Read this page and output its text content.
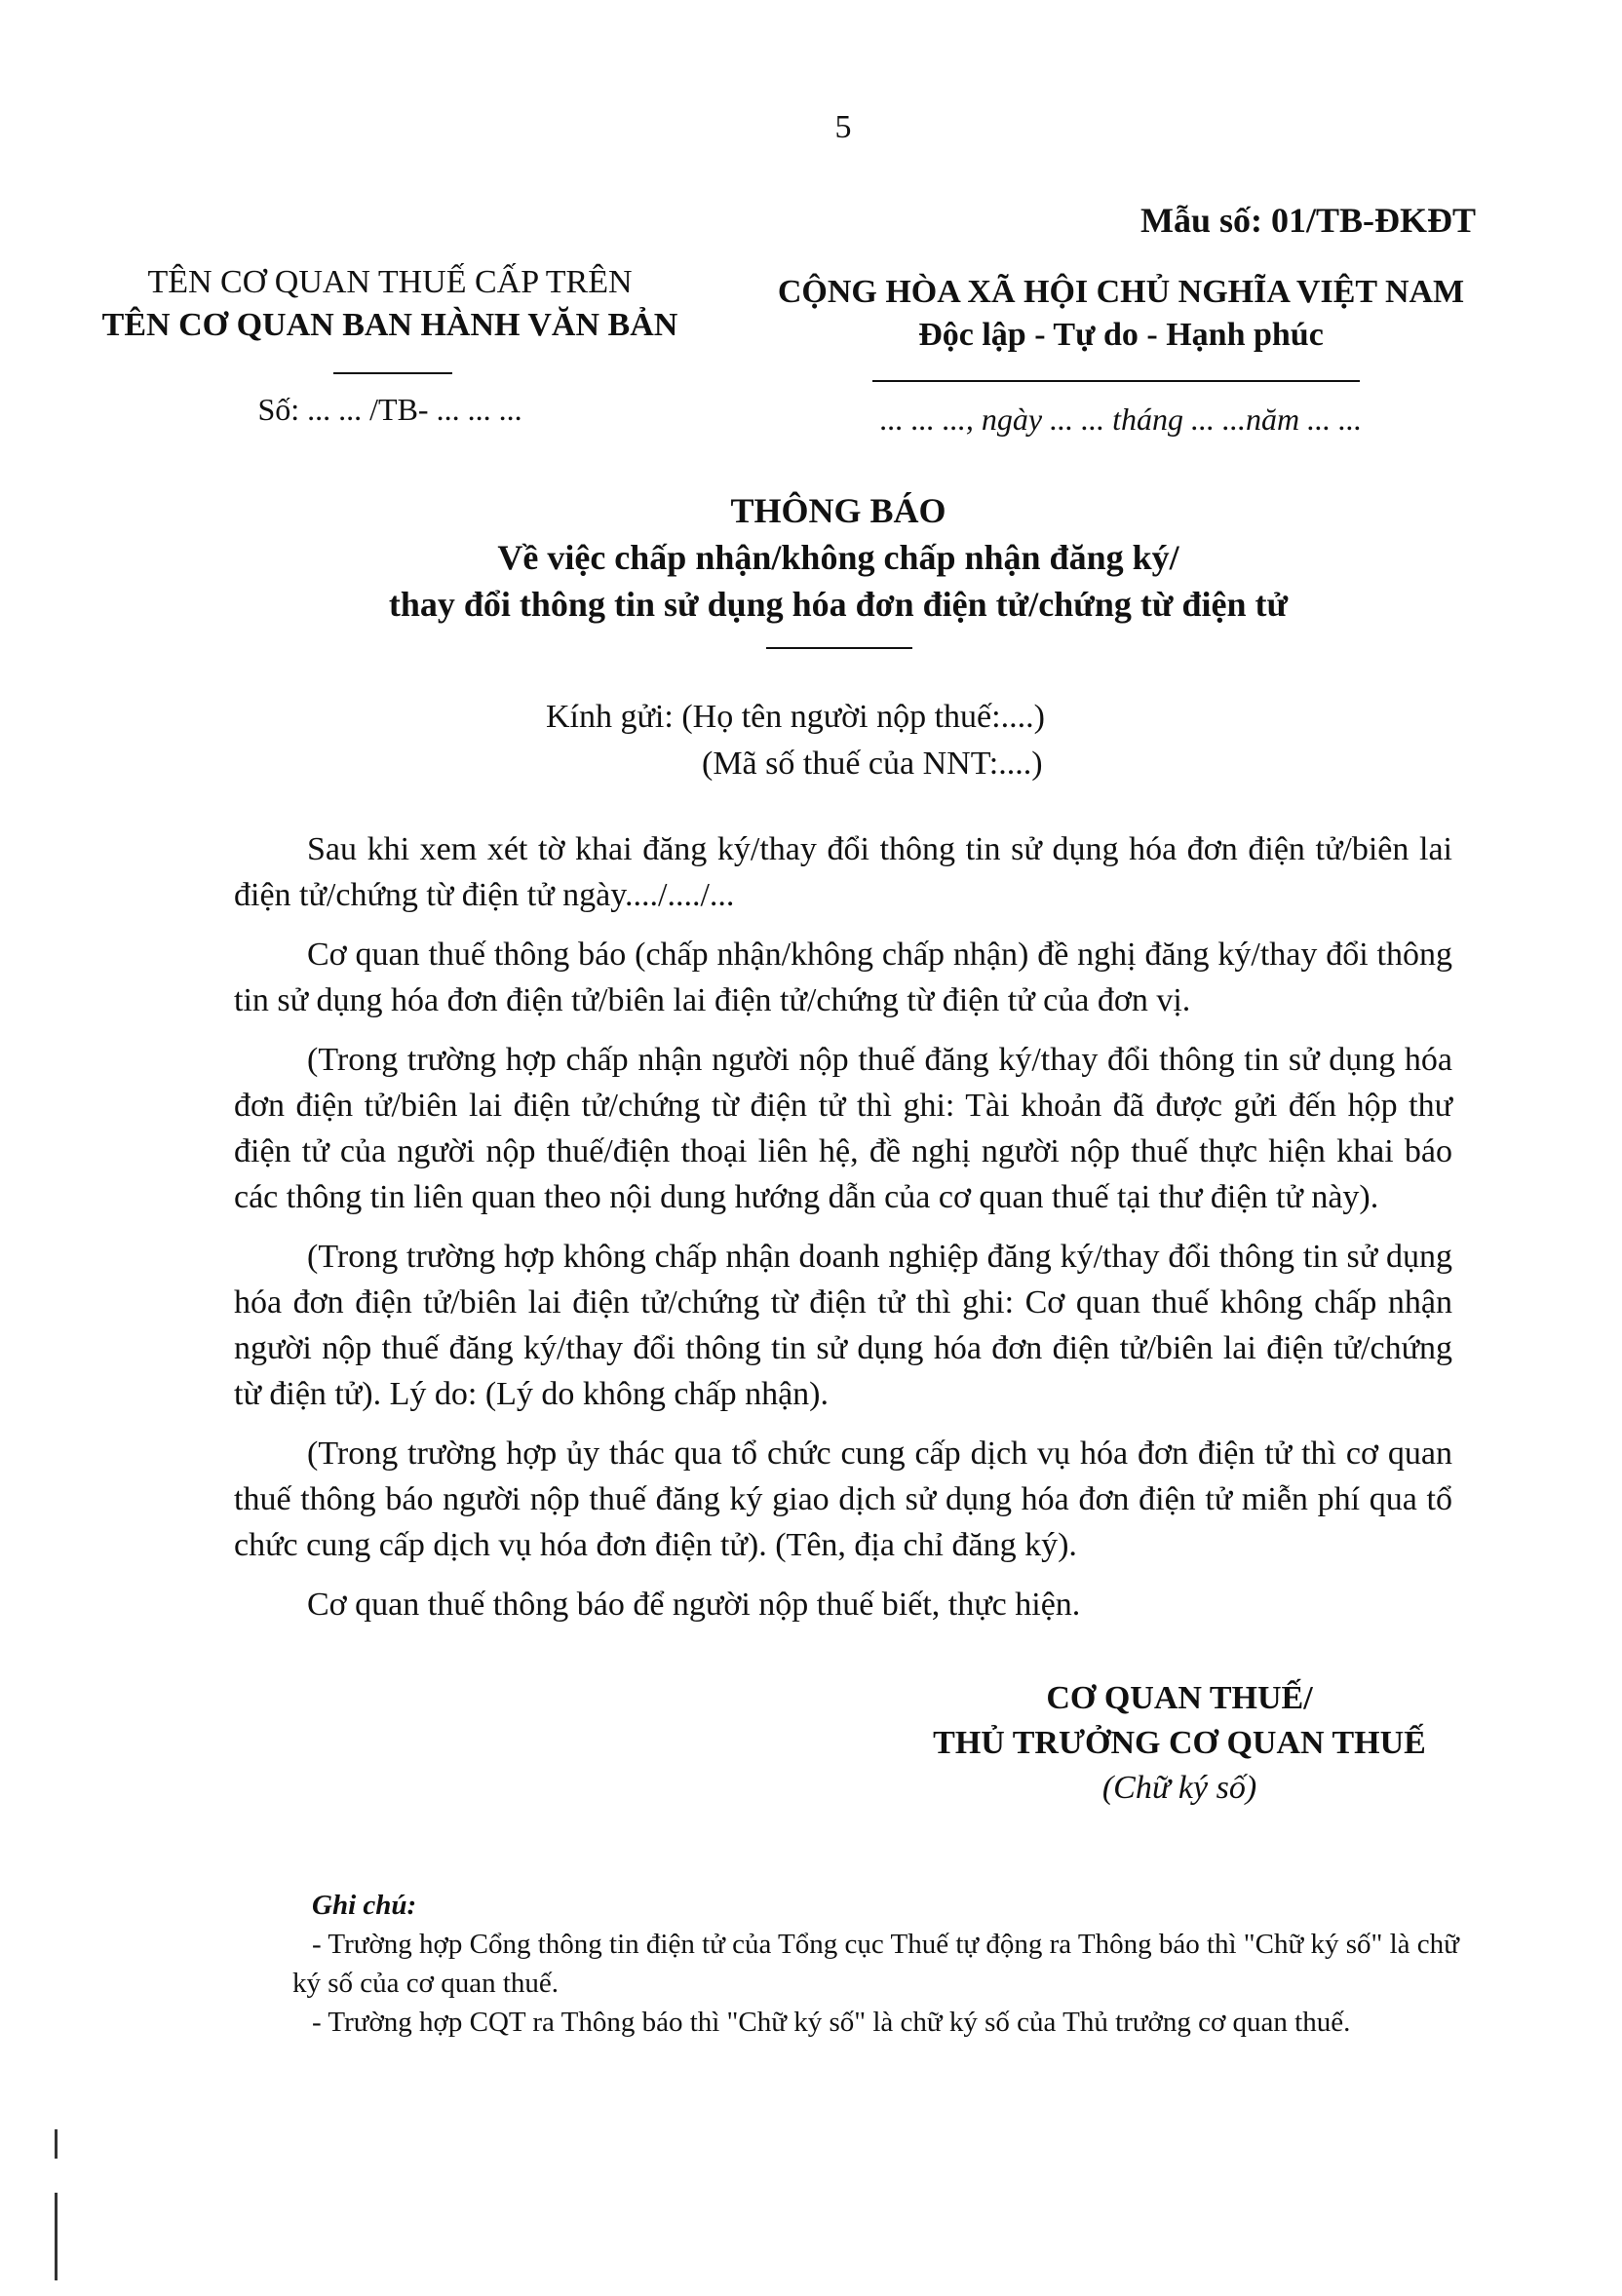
5
Mẫu số: 01/TB-ĐKĐT
TÊN CƠ QUAN THUẾ CẤP TRÊN
TÊN CƠ QUAN BAN HÀNH VĂN BẢN
Số: ... ... /TB- ... ... ...
CỘNG HÒA XÃ HỘI CHỦ NGHĨA VIỆT NAM
Độc lập - Tự do - Hạnh phúc
... ... ..., ngày ... ... tháng ... ...năm ... ...
THÔNG BÁO
Về việc chấp nhận/không chấp nhận đăng ký/
thay đổi thông tin sử dụng hóa đơn điện tử/chứng từ điện tử
Kính gửi: (Họ tên người nộp thuế:....)
(Mã số thuế của NNT:....)

Sau khi xem xét tờ khai đăng ký/thay đổi thông tin sử dụng hóa đơn điện tử/biên lai điện tử/chứng từ điện tử ngày..../..../...

Cơ quan thuế thông báo (chấp nhận/không chấp nhận) đề nghị đăng ký/thay đổi thông tin sử dụng hóa đơn điện tử/biên lai điện tử/chứng từ điện tử của đơn vị.

(Trong trường hợp chấp nhận người nộp thuế đăng ký/thay đổi thông tin sử dụng hóa đơn điện tử/biên lai điện tử/chứng từ điện tử thì ghi: Tài khoản đã được gửi đến hộp thư điện tử của người nộp thuế/điện thoại liên hệ, đề nghị người nộp thuế thực hiện khai báo các thông tin liên quan theo nội dung hướng dẫn của cơ quan thuế tại thư điện tử này).

(Trong trường hợp không chấp nhận doanh nghiệp đăng ký/thay đổi thông tin sử dụng hóa đơn điện tử/biên lai điện tử/chứng từ điện tử thì ghi: Cơ quan thuế không chấp nhận người nộp thuế đăng ký/thay đổi thông tin sử dụng hóa đơn điện tử/biên lai điện tử/chứng từ điện tử). Lý do: (Lý do không chấp nhận).

(Trong trường hợp ủy thác qua tổ chức cung cấp dịch vụ hóa đơn điện tử thì cơ quan thuế thông báo người nộp thuế đăng ký giao dịch sử dụng hóa đơn điện tử miễn phí qua tổ chức cung cấp dịch vụ hóa đơn điện tử). (Tên, địa chỉ đăng ký).

Cơ quan thuế thông báo để người nộp thuế biết, thực hiện.

CƠ QUAN THUẾ/
THỦ TRƯỞNG CƠ QUAN THUẾ
(Chữ ký số)
Ghi chú:

- Trường hợp Cổng thông tin điện tử của Tổng cục Thuế tự động ra Thông báo thì "Chữ ký số" là chữ ký số của cơ quan thuế.

- Trường hợp CQT ra Thông báo thì "Chữ ký số" là chữ ký số của Thủ trưởng cơ quan thuế.
